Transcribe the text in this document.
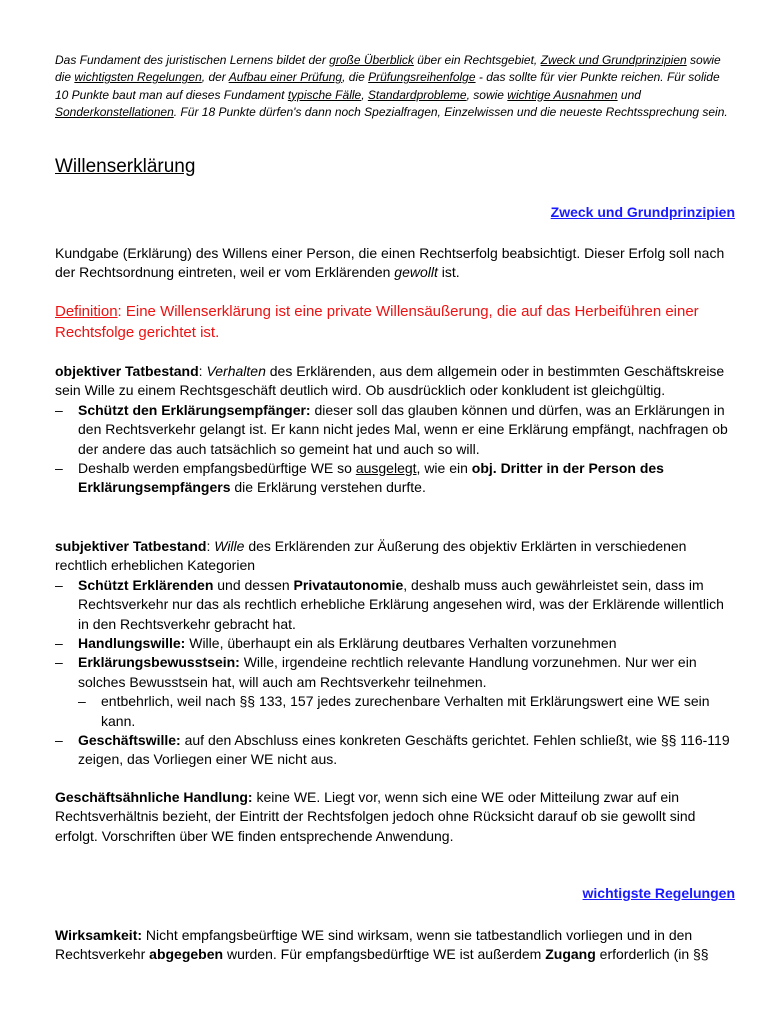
Das Fundament des juristischen Lernens bildet der große Überblick über ein Rechtsgebiet, Zweck und Grundprinzipien sowie die wichtigsten Regelungen, der Aufbau einer Prüfung, die Prüfungsreihenfolge - das sollte für vier Punkte reichen. Für solide 10 Punkte baut man auf dieses Fundament typische Fälle, Standardprobleme, sowie wichtige Ausnahmen und Sonderkonstellationen. Für 18 Punkte dürfen's dann noch Spezialfragen, Einzelwissen und die neueste Rechtssprechung sein.
Willenserklärung
Zweck und Grundprinzipien
Kundgabe (Erklärung) des Willens einer Person, die einen Rechtserfolg beabsichtigt. Dieser Erfolg soll nach der Rechtsordnung eintreten, weil er vom Erklärenden gewollt ist.
Definition: Eine Willenserklärung ist eine private Willensäußerung, die auf das Herbeiführen einer Rechtsfolge gerichtet ist.
objektiver Tatbestand: Verhalten des Erklärenden, aus dem allgemein oder in bestimmten Geschäftskreise sein Wille zu einem Rechtsgeschäft deutlich wird. Ob ausdrücklich oder konkludent ist gleichgültig.
– Schützt den Erklärungsempfänger: dieser soll das glauben können und dürfen, was an Erklärungen in den Rechtsverkehr gelangt ist. Er kann nicht jedes Mal, wenn er eine Erklärung empfängt, nachfragen ob der andere das auch tatsächlich so gemeint hat und auch so will.
– Deshalb werden empfangsbedürftige WE so ausgelegt, wie ein obj. Dritter in der Person des Erklärungsempfängers die Erklärung verstehen durfte.
subjektiver Tatbestand: Wille des Erklärenden zur Äußerung des objektiv Erklärten in verschiedenen rechtlich erheblichen Kategorien
– Schützt Erklärenden und dessen Privatautonomie, deshalb muss auch gewährleistet sein, dass im Rechtsverkehr nur das als rechtlich erhebliche Erklärung angesehen wird, was der Erklärende willentlich in den Rechtsverkehr gebracht hat.
– Handlungswille: Wille, überhaupt ein als Erklärung deutbares Verhalten vorzunehmen
– Erklärungsbewusstsein: Wille, irgendeine rechtlich relevante Handlung vorzunehmen. Nur wer ein solches Bewusstsein hat, will auch am Rechtsverkehr teilnehmen.
– entbehrlich, weil nach §§ 133, 157 jedes zurechenbare Verhalten mit Erklärungswert eine WE sein kann.
– Geschäftswille: auf den Abschluss eines konkreten Geschäfts gerichtet. Fehlen schließt, wie §§ 116-119 zeigen, das Vorliegen einer WE nicht aus.
Geschäftsähnliche Handlung: keine WE. Liegt vor, wenn sich eine WE oder Mitteilung zwar auf ein Rechtsverhältnis bezieht, der Eintritt der Rechtsfolgen jedoch ohne Rücksicht darauf ob sie gewollt sind erfolgt. Vorschriften über WE finden entsprechende Anwendung.
wichtigste Regelungen
Wirksamkeit: Nicht empfangsbeürftige WE sind wirksam, wenn sie tatbestandlich vorliegen und in den Rechtsverkehr abgegeben wurden. Für empfangsbedürftige WE ist außerdem Zugang erforderlich (in §§
